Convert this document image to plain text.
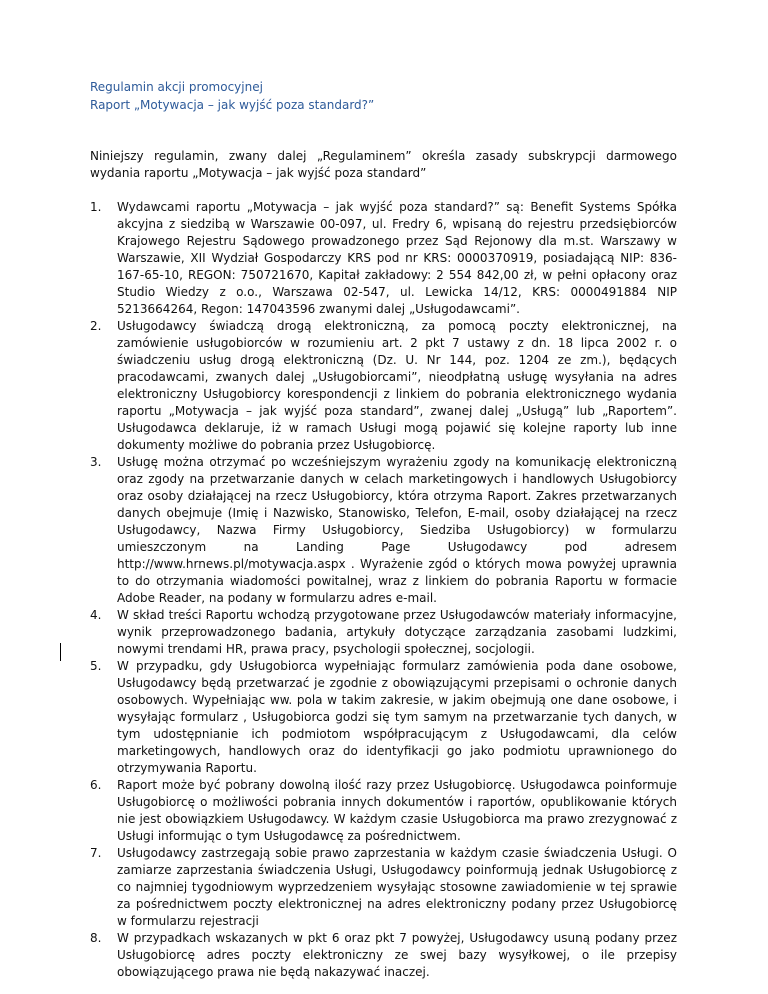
Regulamin akcji promocyjnej
Raport „Motywacja – jak wyjść poza standard?”
Niniejszy regulamin, zwany dalej „Regulaminem” określa zasady subskrypcji darmowego wydania raportu „Motywacja – jak wyjść poza standard”
1. Wydawcami raportu „Motywacja – jak wyjść poza standard?” są: Benefit Systems Spółka akcyjna z siedzibą w Warszawie 00-097, ul. Fredry 6, wpisaną do rejestru przedsiębiorców Krajowego Rejestru Sądowego prowadzonego przez Sąd Rejonowy dla m.st. Warszawy w Warszawie, XII Wydział Gospodarczy KRS pod nr KRS: 0000370919, posiadającą NIP: 836-167-65-10, REGON: 750721670, Kapitał zakładowy: 2 554 842,00 zł, w pełni opłacony oraz Studio Wiedzy z o.o., Warszawa 02-547, ul. Lewicka 14/12, KRS: 0000491884 NIP 5213664264, Regon: 147043596 zwanymi dalej „Usługodawcami”.
2. Usługodawcy świadczą drogą elektroniczną, za pomocą poczty elektronicznej, na zamówienie usługobiorców w rozumieniu art. 2 pkt 7 ustawy z dn. 18 lipca 2002 r. o świadczeniu usług drogą elektroniczną (Dz. U. Nr 144, poz. 1204 ze zm.), będących pracodawcami, zwanych dalej „Usługobiorcami”, nieodpłatną usługę wysyłania na adres elektroniczny Usługobiorcy korespondencji z linkiem do pobrania elektronicznego wydania raportu „Motywacja – jak wyjść poza standard”, zwanej dalej „Usługą” lub „Raportem”. Usługodawca deklaruje, iż w ramach Usługi mogą pojawić się kolejne raporty lub inne dokumenty możliwe do pobrania przez Usługobiorcę.
3. Usługę można otrzymać po wcześniejszym wyrażeniu zgody na komunikację elektroniczną oraz zgody na przetwarzanie danych w celach marketingowych i handlowych Usługobiorcy oraz osoby działającej na rzecz Usługobiorcy, która otrzyma Raport. Zakres przetwarzanych danych obejmuje (Imię i Nazwisko, Stanowisko, Telefon, E-mail, osoby działającej na rzecz Usługodawcy, Nazwa Firmy Usługobiorcy, Siedziba Usługobiorcy) w formularzu umieszczonym na Landing Page Usługodawcy pod adresem http://www.hrnews.pl/motywacja.aspx . Wyrażenie zgód o których mowa powyżej uprawnia to do otrzymania wiadomości powitalnej, wraz z linkiem do pobrania Raportu w formacie Adobe Reader, na podany w formularzu adres e-mail.
4. W skład treści Raportu wchodzą przygotowane przez Usługodawców materiały informacyjne, wynik przeprowadzonego badania, artykuły dotyczące zarządzania zasobami ludzkimi, nowymi trendami HR, prawa pracy, psychologii społecznej, socjologii.
5. W przypadku, gdy Usługobiorca wypełniając formularz zamówienia poda dane osobowe, Usługodawcy będą przetwarzać je zgodnie z obowiązującymi przepisami o ochronie danych osobowych. Wypełniając ww. pola w takim zakresie, w jakim obejmują one dane osobowe, i wysyłając formularz , Usługobiorca godzi się tym samym na przetwarzanie tych danych, w tym udostępnianie ich podmiotom współpracującym z Usługodawcami, dla celów marketingowych, handlowych oraz do identyfikacji go jako podmiotu uprawnionego do otrzymywania Raportu.
6. Raport może być pobrany dowolną ilość razy przez Usługobiorcę. Usługodawca poinformuje Usługobiorcę o możliwości pobrania innych dokumentów i raportów, opublikowanie których nie jest obowiązkiem Usługodawcy. W każdym czasie Usługobiorca ma prawo zrezygnować z Usługi informując o tym Usługodawcę za pośrednictwem.
7. Usługodawcy zastrzegają sobie prawo zaprzestania w każdym czasie świadczenia Usługi. O zamiarze zaprzestania świadczenia Usługi, Usługodawcy poinformują jednak Usługobiorcę z co najmniej tygodniowym wyprzedzeniem wysyłając stosowne zawiadomienie w tej sprawie za pośrednictwem poczty elektronicznej na adres elektroniczny podany przez Usługobiorcę w formularzu rejestracji
8. W przypadkach wskazanych w pkt 6 oraz pkt 7 powyżej, Usługodawcy usuną podany przez Usługobiorcę adres poczty elektroniczny ze swej bazy wysyłkowej, o ile przepisy obowiązującego prawa nie będą nakazywać inaczej.
